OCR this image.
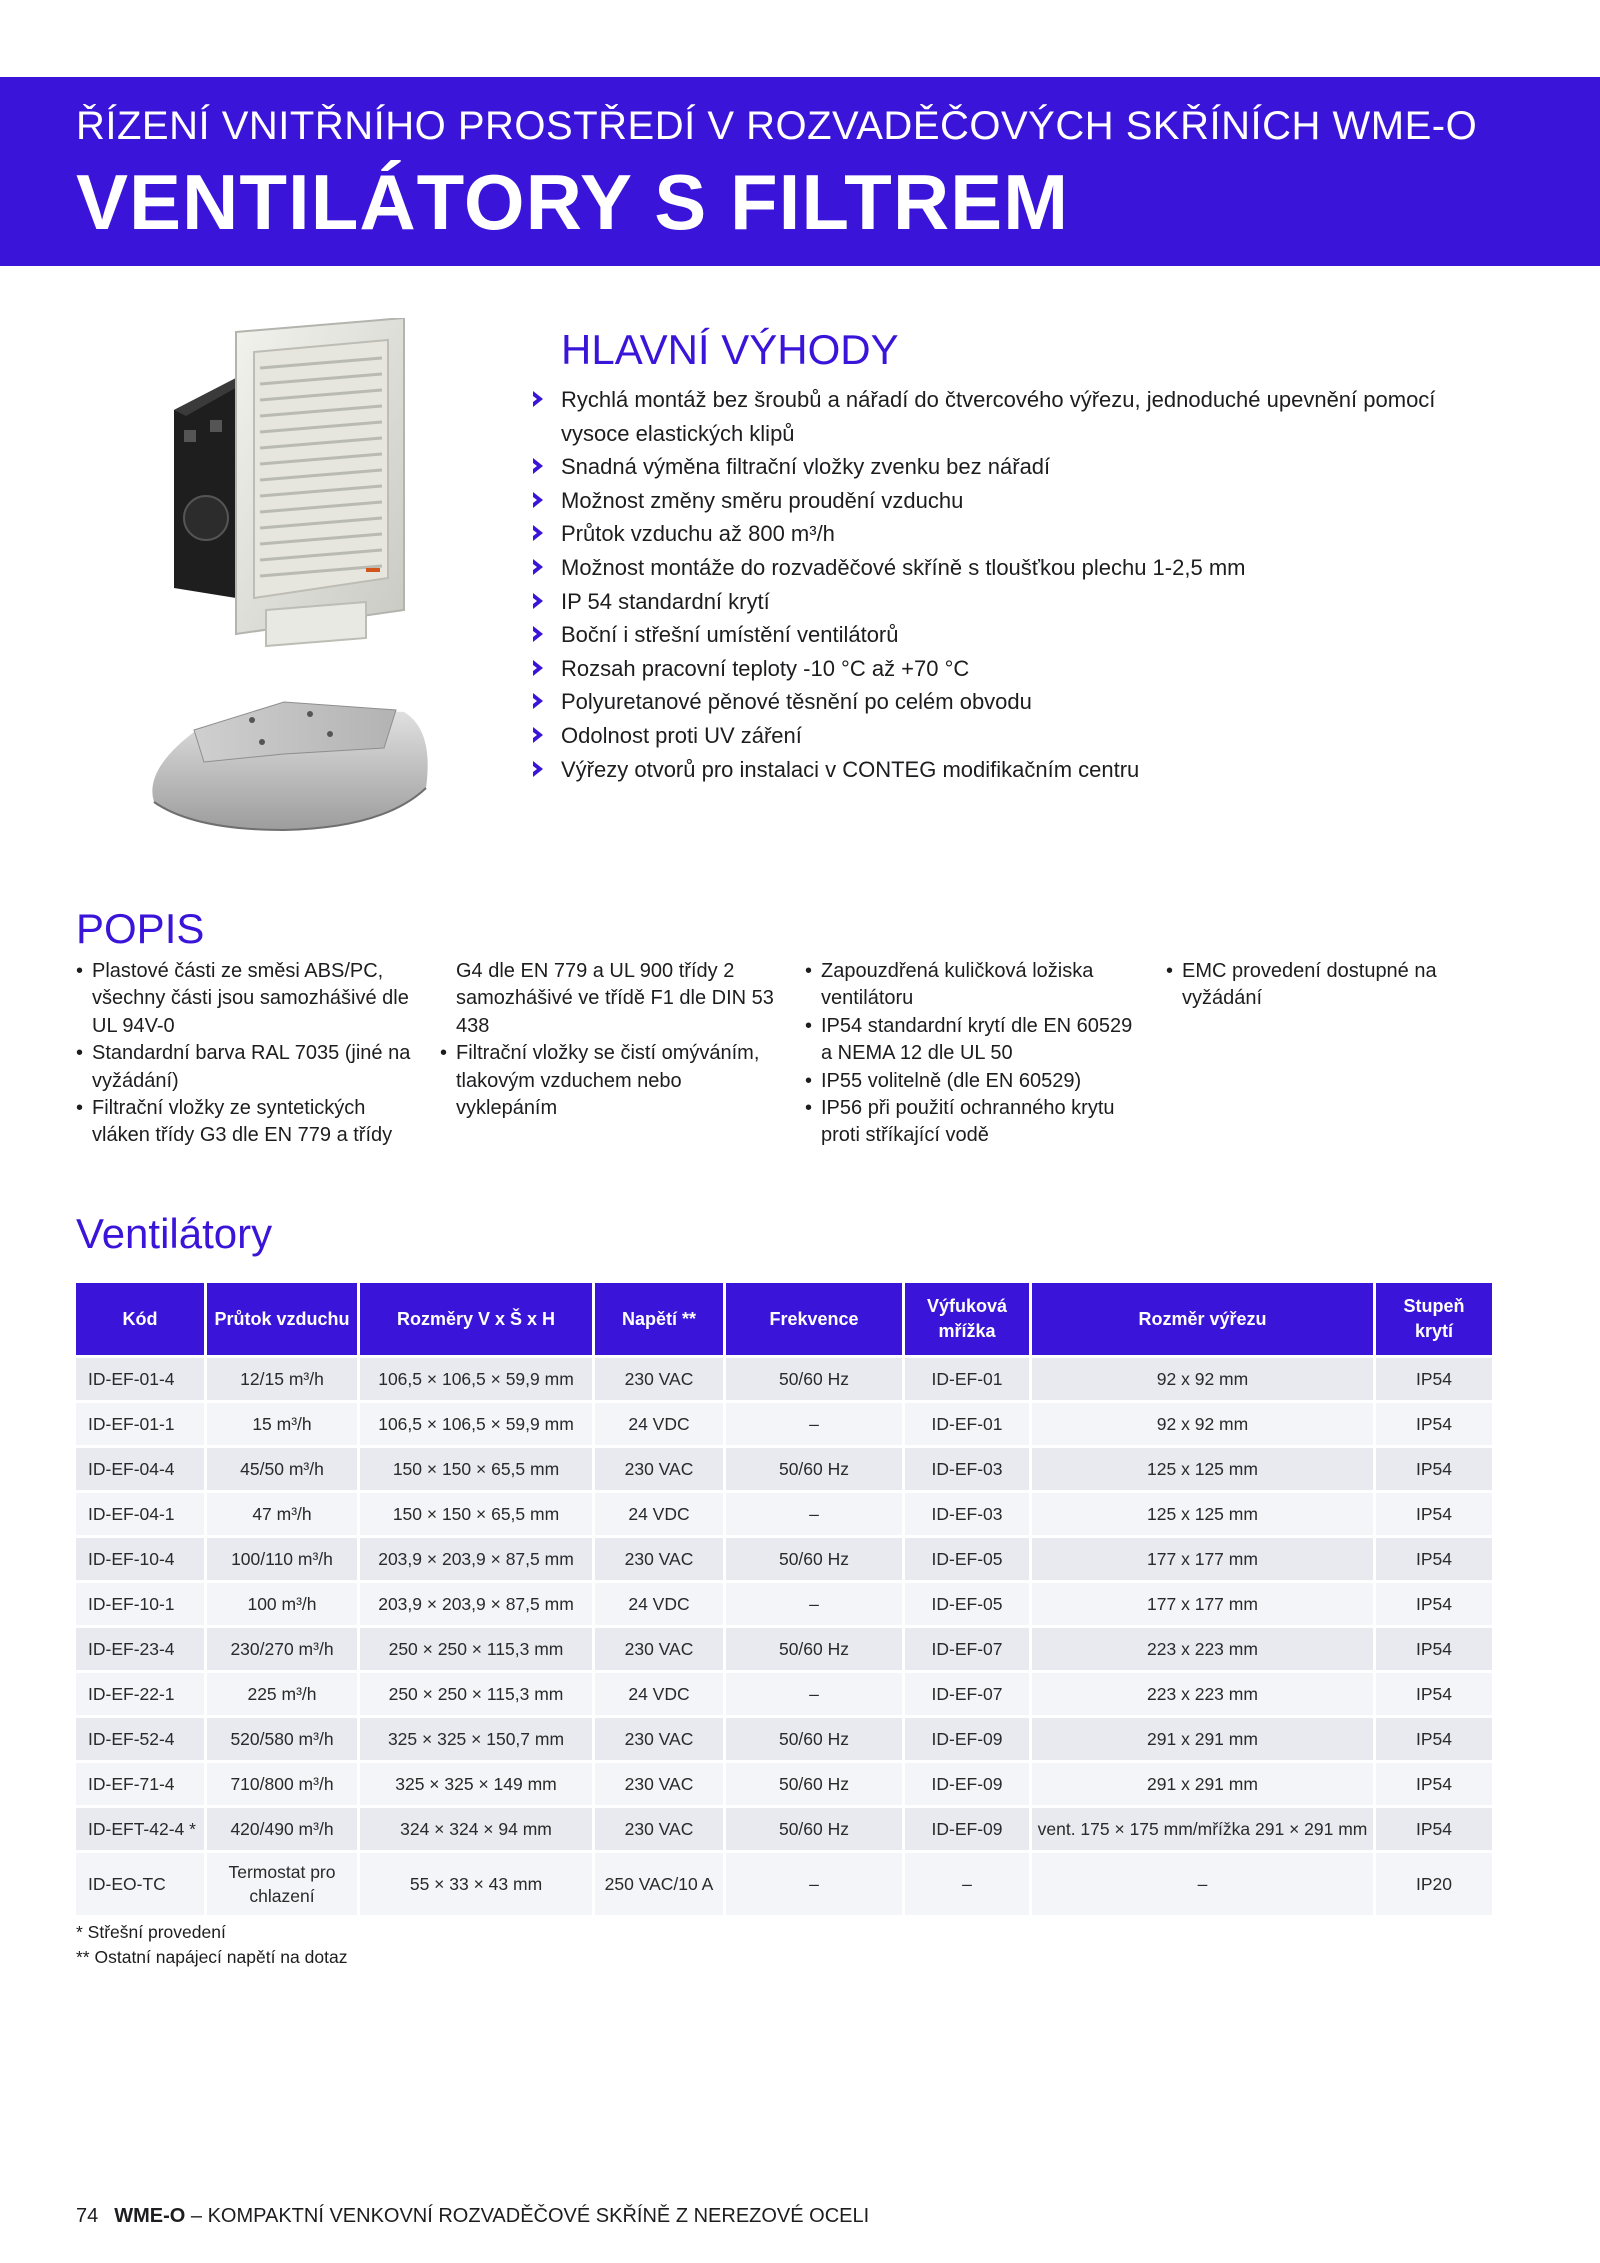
ŘÍZENÍ VNITŘNÍHO PROSTŘEDÍ V ROZVADĚČOVÝCH SKŘÍNÍCH WME-O
VENTILÁTORY S FILTREM
HLAVNÍ VÝHODY
Rychlá montáž bez šroubů a nářadí do čtvercového výřezu, jednoduché upevnění pomocí vysoce elastických klipů
Snadná výměna filtrační vložky zvenku bez nářadí
Možnost změny směru proudění vzduchu
Průtok vzduchu až 800 m³/h
Možnost montáže do rozvaděčové skříně s tloušťkou plechu 1-2,5 mm
IP 54 standardní krytí
Boční i střešní umístění ventilátorů
Rozsah pracovní teploty -10 °C až +70 °C
Polyuretanové pěnové těsnění po celém obvodu
Odolnost proti UV záření
Výřezy otvorů pro instalaci v CONTEG modifikačním centru
POPIS
• Plastové části ze směsi ABS/PC, všechny části jsou samozhášivé dle UL 94V-0
• Standardní barva RAL 7035 (jiné na vyžádání)
• Filtrační vložky ze syntetických vláken třídy G3 dle EN 779 a třídy
G4 dle EN 779 a UL 900 třídy 2 samozhášivé ve třídě F1 dle DIN 53 438
• Filtrační vložky se čistí omýváním, tlakovým vzduchem nebo vyklepáním
• Zapouzdřená kuličková ložiska ventilátoru
• IP54 standardní krytí dle EN 60529 a NEMA 12 dle UL 50
• IP55 volitelně (dle EN 60529)
• IP56 při použití ochranného krytu proti stříkající vodě
• EMC provedení dostupné na vyžádání
Ventilátory
Kód	Průtok vzduchu	Rozměry V x Š x H	Napětí **	Frekvence	Výfuková mřížka	Rozměr výřezu	Stupeň krytí
ID-EF-01-4	12/15 m³/h	106,5 × 106,5 × 59,9 mm	230 VAC	50/60 Hz	ID-EF-01	92 x 92 mm	IP54
ID-EF-01-1	15 m³/h	106,5 × 106,5 × 59,9 mm	24 VDC	–	ID-EF-01	92 x 92 mm	IP54
ID-EF-04-4	45/50 m³/h	150 × 150 × 65,5 mm	230 VAC	50/60 Hz	ID-EF-03	125 x 125 mm	IP54
ID-EF-04-1	47 m³/h	150 × 150 × 65,5 mm	24 VDC	–	ID-EF-03	125 x 125 mm	IP54
ID-EF-10-4	100/110 m³/h	203,9 × 203,9 × 87,5 mm	230 VAC	50/60 Hz	ID-EF-05	177 x 177 mm	IP54
ID-EF-10-1	100 m³/h	203,9 × 203,9 × 87,5 mm	24 VDC	–	ID-EF-05	177 x 177 mm	IP54
ID-EF-23-4	230/270 m³/h	250 × 250 × 115,3 mm	230 VAC	50/60 Hz	ID-EF-07	223 x 223 mm	IP54
ID-EF-22-1	225 m³/h	250 × 250 × 115,3 mm	24 VDC	–	ID-EF-07	223 x 223 mm	IP54
ID-EF-52-4	520/580 m³/h	325 × 325 × 150,7 mm	230 VAC	50/60 Hz	ID-EF-09	291 x 291 mm	IP54
ID-EF-71-4	710/800 m³/h	325 × 325 × 149 mm	230 VAC	50/60 Hz	ID-EF-09	291 x 291 mm	IP54
ID-EFT-42-4 *	420/490 m³/h	324 × 324 × 94 mm	230 VAC	50/60 Hz	ID-EF-09	vent. 175 × 175 mm/mřížka 291 × 291 mm	IP54
ID-EO-TC	Termostat pro chlazení	55 × 33 × 43 mm	250 VAC/10 A	–	–	–	IP20
* Střešní provedení
** Ostatní napájecí napětí na dotaz
74 WME-O – KOMPAKTNÍ VENKOVNÍ ROZVADĚČOVÉ SKŘÍNĚ Z NEREZOVÉ OCELI
